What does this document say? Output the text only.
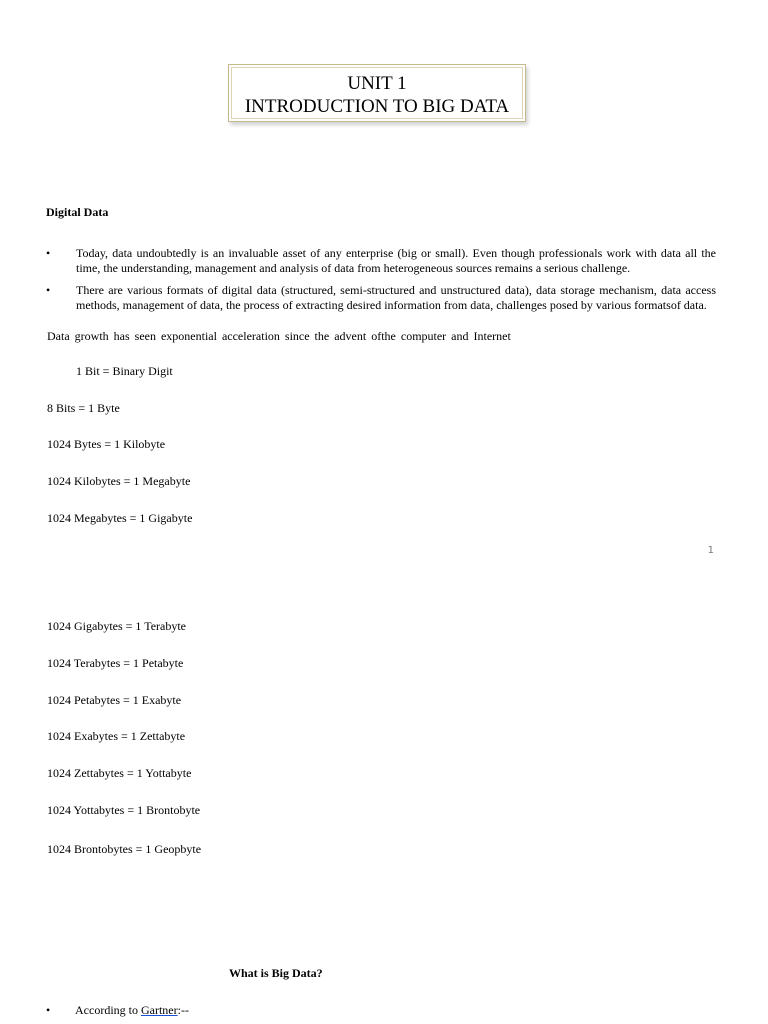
UNIT 1
INTRODUCTION TO BIG DATA
Digital Data
•	Today, data undoubtedly is an invaluable asset of any enterprise (big or small). Even though professionals work with data all the time, the understanding, management and analysis of data from heterogeneous sources remains a serious challenge.
•	There are various formats of digital data (structured, semi-structured and unstructured data), data storage mechanism, data access methods, management of data, the process of extracting desired information from data, challenges posed by various formatsof data.
Data growth has seen exponential acceleration since the advent ofthe computer and Internet
1 Bit = Binary Digit
8 Bits = 1 Byte
1024 Bytes = 1 Kilobyte
1024 Kilobytes = 1 Megabyte
1024 Megabytes = 1 Gigabyte
1
1024 Gigabytes = 1 Terabyte
1024 Terabytes = 1 Petabyte
1024 Petabytes = 1 Exabyte
1024 Exabytes = 1 Zettabyte
1024 Zettabytes = 1 Yottabyte
1024 Yottabytes = 1 Brontobyte
1024 Brontobytes = 1 Geopbyte
What is Big Data?
•	According to Gartner:--
